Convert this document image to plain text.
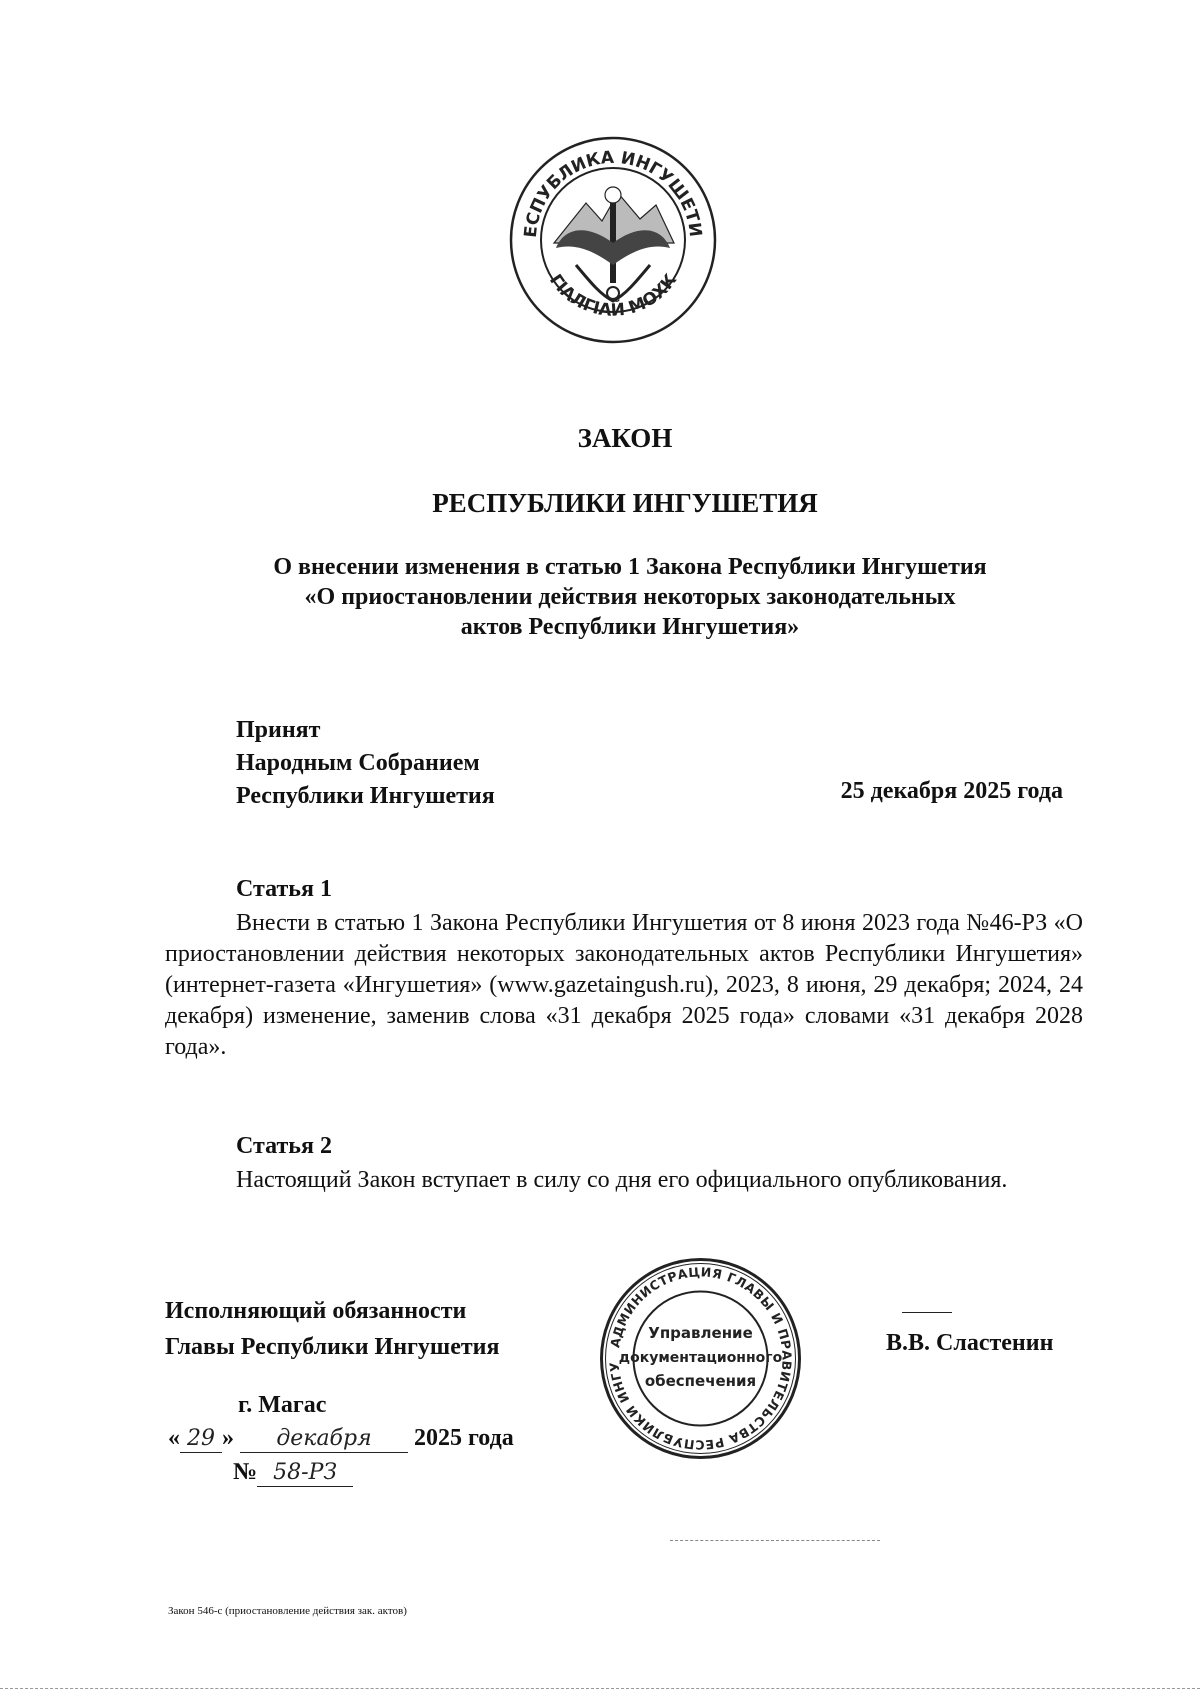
ЕСПУБЛИКА ИНГУШЕТИ
ГIАЛГIАЙ МОХК
ЗАКОН
РЕСПУБЛИКИ ИНГУШЕТИЯ
О внесении изменения в статью 1 Закона Республики Ингушетия
«О приостановлении действия некоторых законодательных
актов Республики Ингушетия»
Принят
Народным Собранием
Республики Ингушетия	25 декабря 2025 года
Статья 1
Внести в статью 1 Закона Республики Ингушетия от 8 июня 2023 года №46-РЗ «О приостановлении действия некоторых законодательных актов Республики Ингушетия» (интернет-газета «Ингушетия» (www.gazetaingush.ru), 2023, 8 июня, 29 декабря; 2024, 24 декабря) изменение, заменив слова «31 декабря 2025 года» словами «31 декабря 2028 года».
Статья 2
Настоящий Закон вступает в силу со дня его официального опубликования.
Исполняющий обязанности
Главы Республики Ингушетия	В.В. Сластенин
АДМИНИСТРАЦИЯ ГЛАВЫ И ПРАВИТЕЛЬСТВА РЕСПУБЛИКИ ИНГУ
Управление
документационного
обеспечения
г. Магас
« 29 » декабря 2025 года
№ 58-РЗ
Закон 546-с (приостановление действия зак. актов)
